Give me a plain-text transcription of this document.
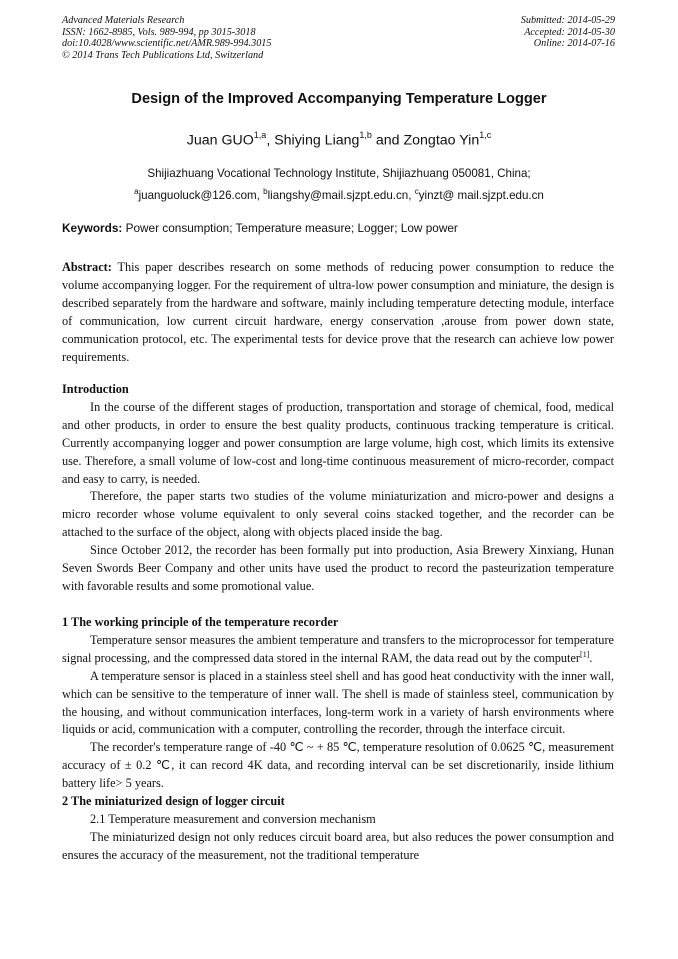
Advanced Materials Research
ISSN: 1662-8985, Vols. 989-994, pp 3015-3018
doi:10.4028/www.scientific.net/AMR.989-994.3015
© 2014 Trans Tech Publications Ltd, Switzerland
Submitted: 2014-05-29
Accepted: 2014-05-30
Online: 2014-07-16
Design of the Improved Accompanying Temperature Logger
Juan GUO$^{1,a}$, Shiying Liang$^{1,b}$ and Zongtao Yin$^{1,c}$
Shijiazhuang Vocational Technology Institute, Shijiazhuang 050081, China;
$^a$juanguoluck@126.com, $^b$liangshy@mail.sjzpt.edu.cn, $^c$yinzt@ mail.sjzpt.edu.cn
Keywords: Power consumption; Temperature measure; Logger; Low power

Abstract: This paper describes research on some methods of reducing power consumption to reduce the volume accompanying logger. For the requirement of ultra-low power consumption and miniature, the design is described separately from the hardware and software, mainly including temperature detecting module, interface of communication, low current circuit hardware, energy conservation ,arouse from power down state, communication protocol, etc. The experimental tests for device prove that the research can achieve low power requirements.

Introduction

In the course of the different stages of production, transportation and storage of chemical, food, medical and other products, in order to ensure the best quality products, continuous tracking temperature is critical. Currently accompanying logger and power consumption are large volume, high cost, which limits its extensive use. Therefore, a small volume of low-cost and long-time continuous measurement of micro-recorder, compact and easy to carry, is needed.

Therefore, the paper starts two studies of the volume miniaturization and micro-power and designs a micro recorder whose volume equivalent to only several coins stacked together, and the recorder can be attached to the surface of the object, along with objects placed inside the bag.

Since October 2012, the recorder has been formally put into production, Asia Brewery Xinxiang, Hunan Seven Swords Beer Company and other units have used the product to record the pasteurization temperature with favorable results and some promotional value.

1 The working principle of the temperature recorder

Temperature sensor measures the ambient temperature and transfers to the microprocessor for temperature signal processing, and the compressed data stored in the internal RAM, the data read out by the computer[1].

A temperature sensor is placed in a stainless steel shell and has good heat conductivity with the inner wall, which can be sensitive to the temperature of inner wall. The shell is made of stainless steel, communication by the housing, and without communication interfaces, long-term work in a variety of harsh environments where liquids or acid, communication with a computer, controlling the recorder, through the interface circuit.

The recorder's temperature range of -40 ℃ ~ + 85 ℃, temperature resolution of 0.0625 ℃, measurement accuracy of ± 0.2 ℃, it can record 4K data, and recording interval can be set discretionarily, inside lithium battery life> 5 years.

2 The miniaturized design of logger circuit

2.1 Temperature measurement and conversion mechanism

The miniaturized design not only reduces circuit board area, but also reduces the power consumption and ensures the accuracy of the measurement, not the traditional temperature
